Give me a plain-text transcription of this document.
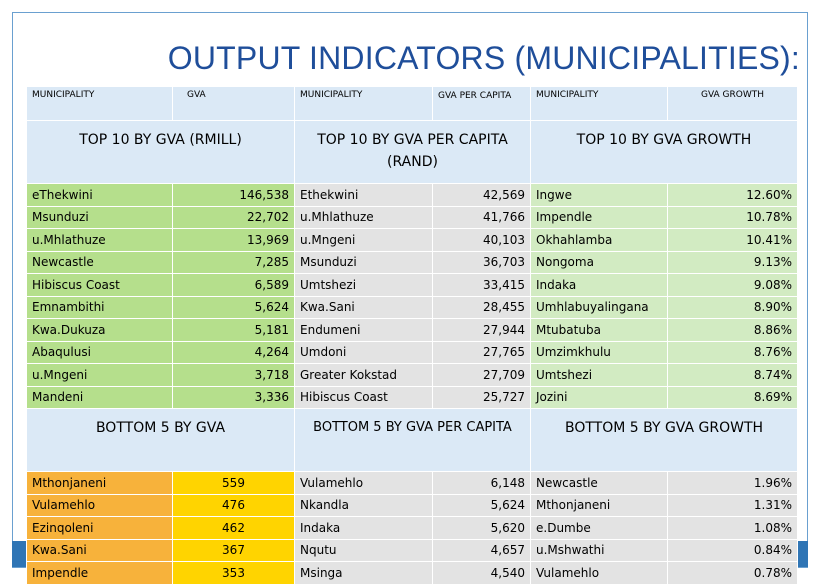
OUTPUT INDICATORS (MUNICIPALITIES):
MUNICIPALITY	GVA	MUNICIPALITY	GVA PER CAPITA	MUNICIPALITY	GVA GROWTH
TOP 10 BY GVA (RMILL)		TOP 10 BY GVA PER CAPITA (RAND)		TOP 10 BY GVA GROWTH	
eThekwini	146,538	Ethekwini	42,569	Ingwe	12.60%
Msunduzi	22,702	u.Mhlathuze	41,766	Impendle	10.78%
u.Mhlathuze	13,969	u.Mngeni	40,103	Okhahlamba	10.41%
Newcastle	7,285	Msunduzi	36,703	Nongoma	9.13%
Hibiscus Coast	6,589	Umtshezi	33,415	Indaka	9.08%
Emnambithi	5,624	Kwa.Sani	28,455	Umhlabuyalingana	8.90%
Kwa.Dukuza	5,181	Endumeni	27,944	Mtubatuba	8.86%
Abaqulusi	4,264	Umdoni	27,765	Umzimkhulu	8.76%
u.Mngeni	3,718	Greater Kokstad	27,709	Umtshezi	8.74%
Mandeni	3,336	Hibiscus Coast	25,727	Jozini	8.69%
BOTTOM 5 BY GVA		BOTTOM 5 BY GVA PER CAPITA		BOTTOM 5 BY GVA GROWTH	
Mthonjaneni	559	Vulamehlo	6,148	Newcastle	1.96%
Vulamehlo	476	Nkandla	5,624	Mthonjaneni	1.31%
Ezinqoleni	462	Indaka	5,620	e.Dumbe	1.08%
Kwa.Sani	367	Nqutu	4,657	u.Mshwathi	0.84%
Impendle	353	Msinga	4,540	Vulamehlo	0.78%
